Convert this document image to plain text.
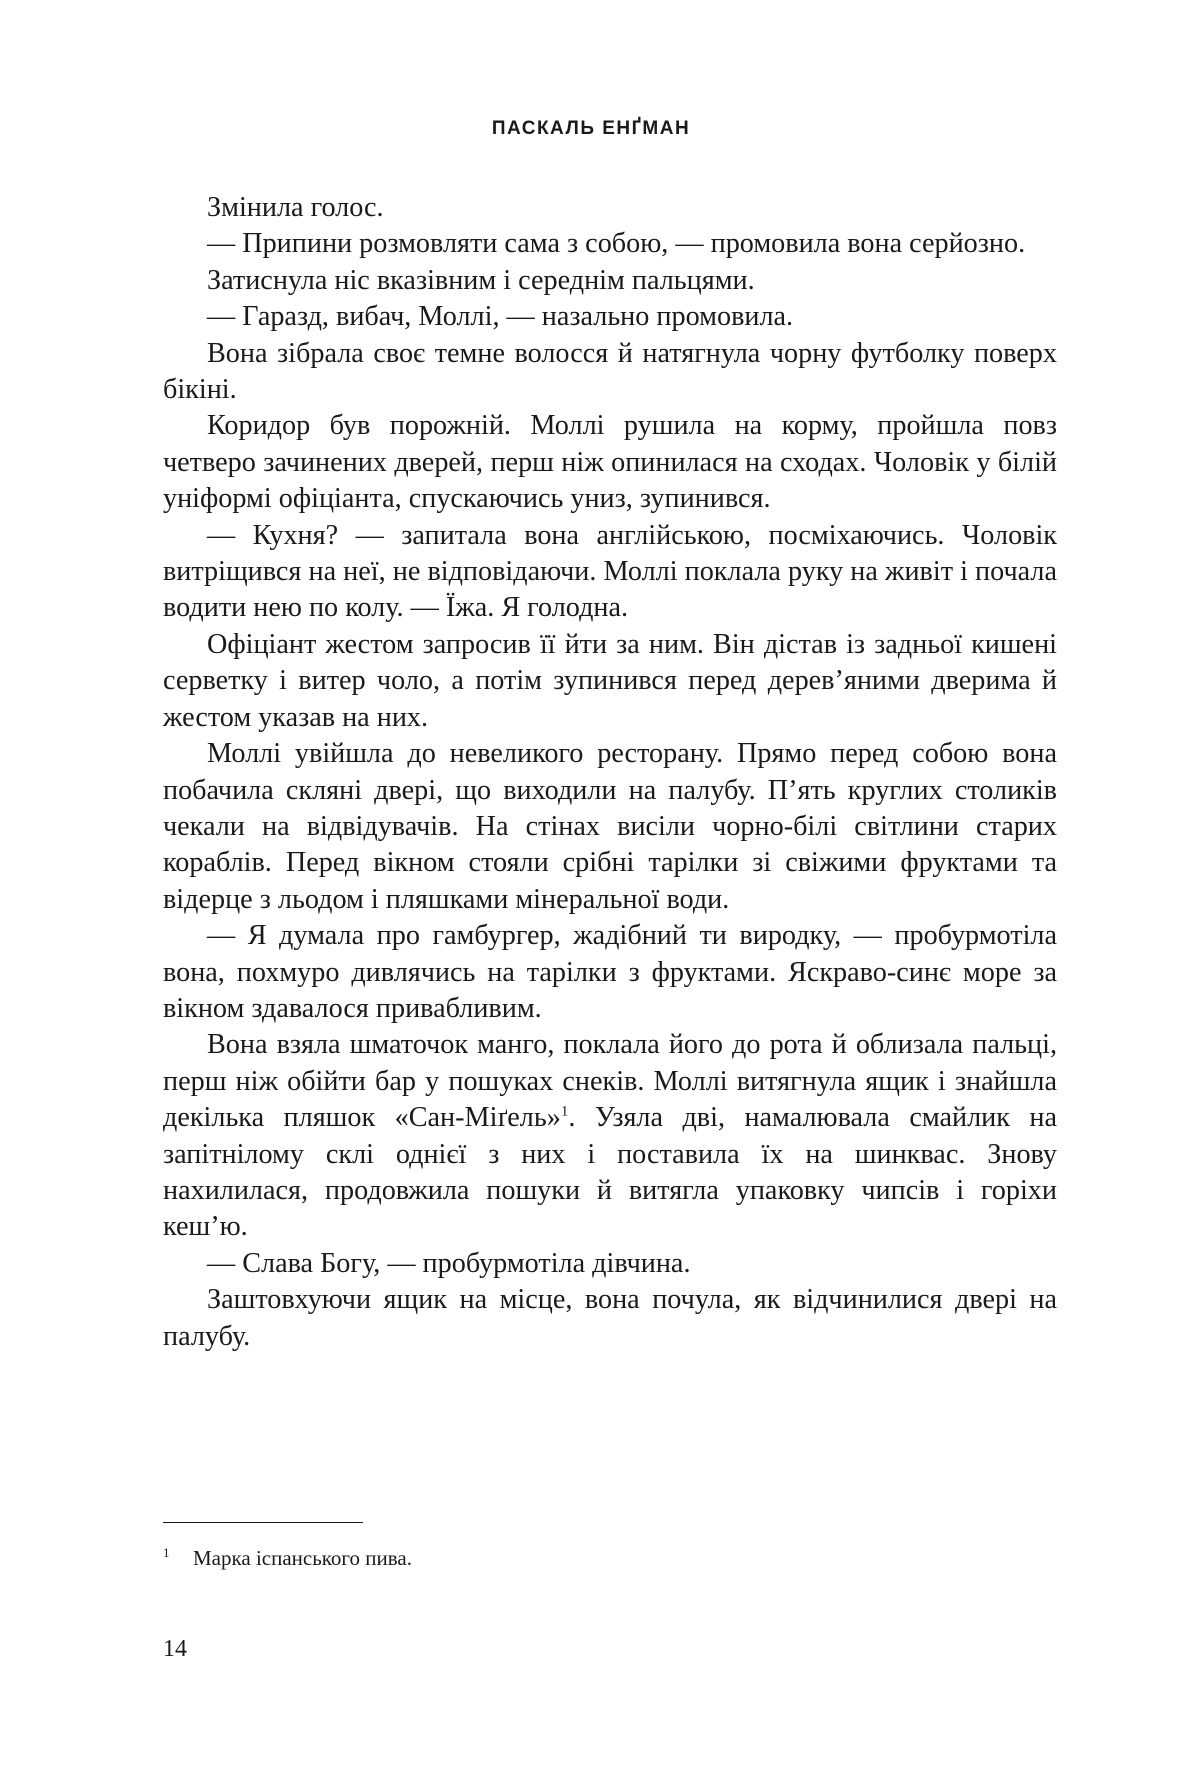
ПАСКАЛЬ ЕНҐМАН

Змінила голос.

— Припини розмовляти сама з собою, — промовила вона серйозно.

Затиснула ніс вказівним і середнім пальцями.

— Гаразд, вибач, Моллі, — назально промовила.

Вона зібрала своє темне волосся й натягнула чорну футболку поверх бікіні.

Коридор був порожній. Моллі рушила на корму, пройшла повз четверо зачинених дверей, перш ніж опинилася на сходах. Чоловік у білій уніформі офіціанта, спускаючись униз, зупинився.

— Кухня? — запитала вона англійською, посміхаючись. Чоловік витріщився на неї, не відповідаючи. Моллі поклала руку на живіт і почала водити нею по колу. — Їжа. Я голодна.

Офіціант жестом запросив її йти за ним. Він дістав із задньої кишені серветку і витер чоло, а потім зупинився перед дерев’яними дверима й жестом указав на них.

Моллі увійшла до невеликого ресторану. Прямо перед собою вона побачила скляні двері, що виходили на палубу. П’ять круглих столиків чекали на відвідувачів. На стінах висіли чорно-білі світлини старих кораблів. Перед вікном стояли срібні тарілки зі свіжими фруктами та відерце з льодом і пляшками мінеральної води.

— Я думала про гамбургер, жадібний ти виродку, — пробурмотіла вона, похмуро дивлячись на тарілки з фруктами. Яскраво-синє море за вікном здавалося привабливим.

Вона взяла шматочок манго, поклала його до рота й облизала пальці, перш ніж обійти бар у пошуках снеків. Моллі витягнула ящик і знайшла декілька пляшок «Сан-Міґель»$^1$. Узяла дві, намалювала смайлик на запітнілому склі однієї з них і поставила їх на шинквас. Знову нахилилася, продовжила пошуки й витягла упаковку чипсів і горіхи кеш’ю.

— Слава Богу, — пробурмотіла дівчина.

Заштовхуючи ящик на місце, вона почула, як відчинилися двері на палубу.

1 Марка іспанського пива.
14
